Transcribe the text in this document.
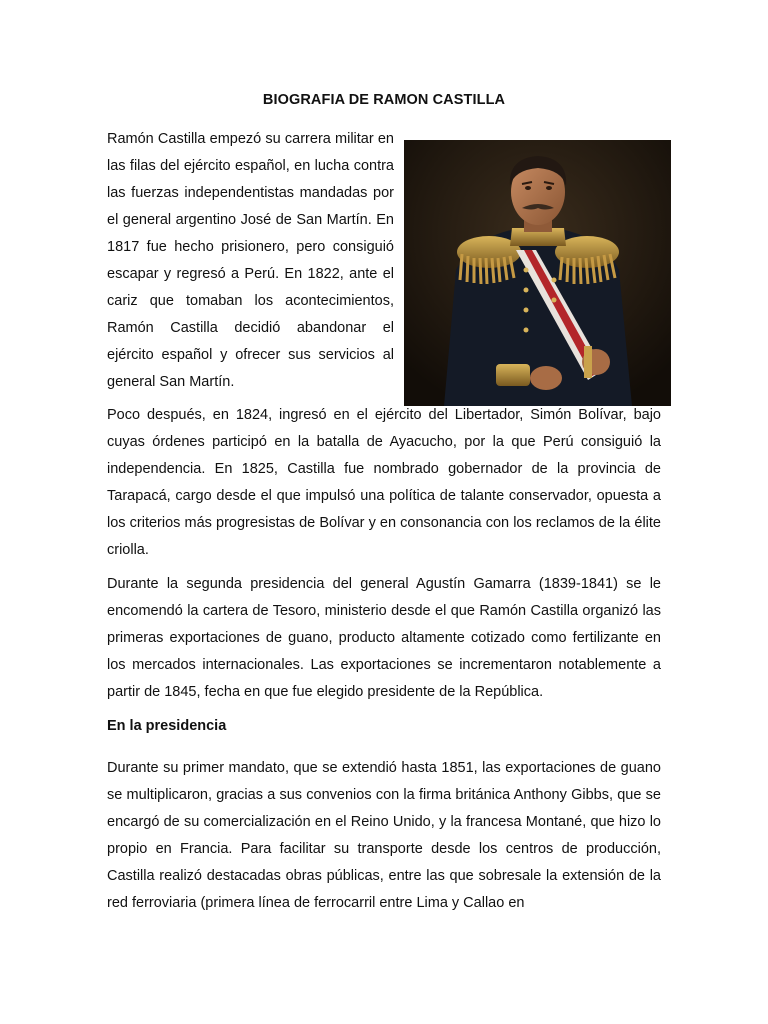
BIOGRAFIA DE RAMON CASTILLA

Ramón Castilla empezó su carrera militar en las filas del ejército español, en lucha contra las fuerzas independentistas mandadas por el general argentino José de San Martín. En 1817 fue hecho prisionero, pero consiguió escapar y regresó a Perú. En 1822, ante el cariz que tomaban los acontecimientos, Ramón Castilla decidió abandonar el ejército español y ofrecer sus servicios al general San Martín.

Poco después, en 1824, ingresó en el ejército del Libertador, Simón Bolívar, bajo cuyas órdenes participó en la batalla de Ayacucho, por la que Perú consiguió la independencia. En 1825, Castilla fue nombrado gobernador de la provincia de Tarapacá, cargo desde el que impulsó una política de talante conservador, opuesta a los criterios más progresistas de Bolívar y en consonancia con los reclamos de la élite criolla.

Durante la segunda presidencia del general Agustín Gamarra (1839-1841) se le encomendó la cartera de Tesoro, ministerio desde el que Ramón Castilla organizó las primeras exportaciones de guano, producto altamente cotizado como fertilizante en los mercados internacionales. Las exportaciones se incrementaron notablemente a partir de 1845, fecha en que fue elegido presidente de la República.

En la presidencia

Durante su primer mandato, que se extendió hasta 1851, las exportaciones de guano se multiplicaron, gracias a sus convenios con la firma británica Anthony Gibbs, que se encargó de su comercialización en el Reino Unido, y la francesa Montané, que hizo lo propio en Francia. Para facilitar su transporte desde los centros de producción, Castilla realizó destacadas obras públicas, entre las que sobresale la extensión de la red ferroviaria (primera línea de ferrocarril entre Lima y Callao en
